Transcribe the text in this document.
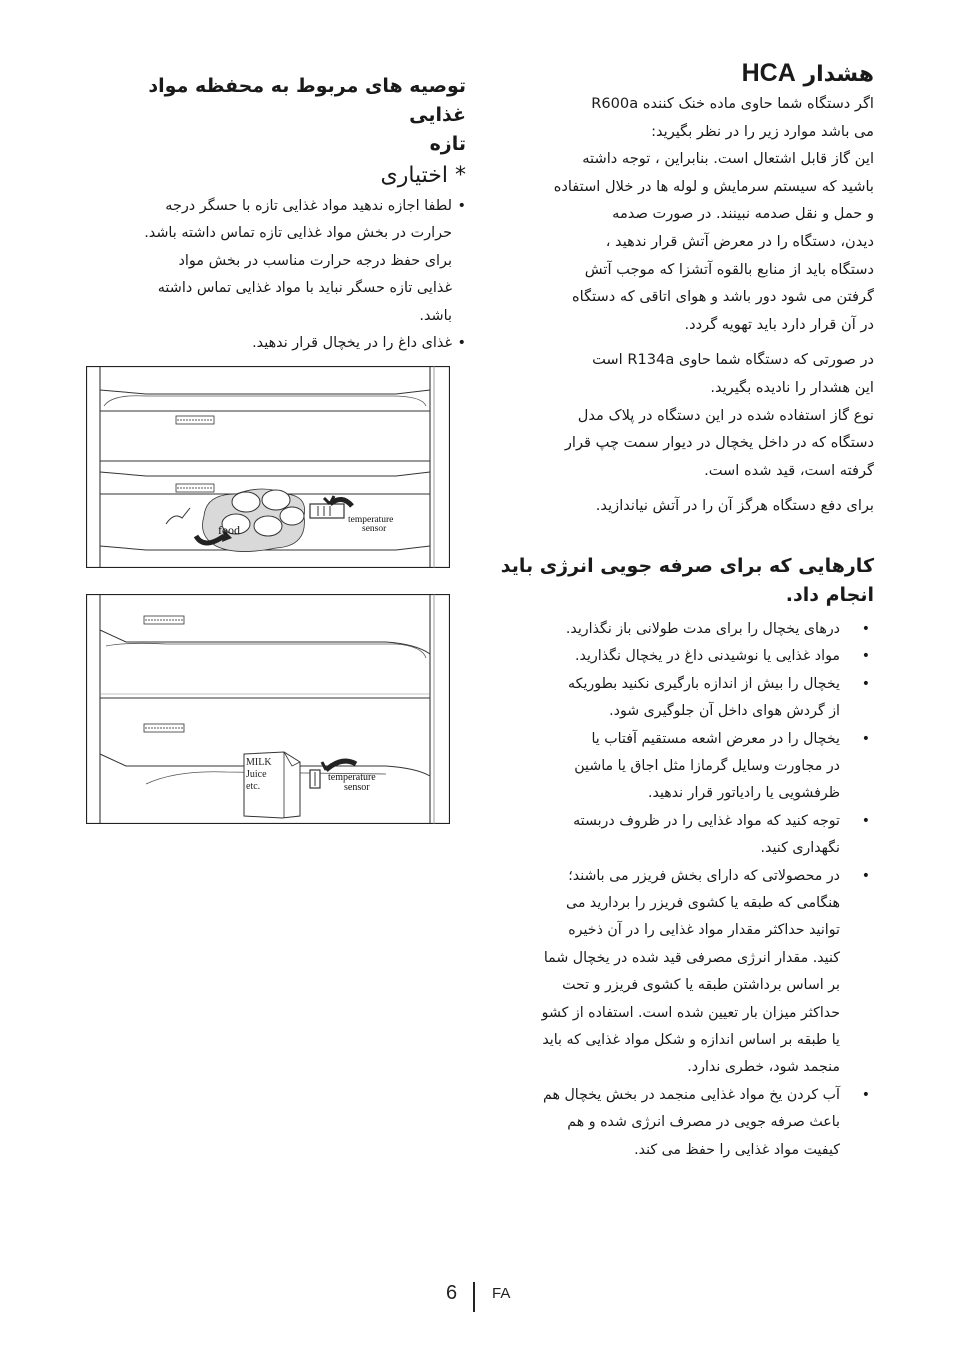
هشدار HCA

اگر دستگاه شما حاوی ماده خنک کننده R600a

می باشد موارد زیر را در نظر بگیرید:

این گاز قابل اشتعال است. بنابراین ، توجه داشته

باشید که سیستم سرمایش و لوله ها در خلال استفاده

و حمل و نقل صدمه نبینند. در صورت صدمه

دیدن، دستگاه را در معرض آتش قرار ندهید ،

دستگاه باید از منابع بالقوه آتشزا که موجب آتش

گرفتن می شود دور باشد و هوای اتاقی که دستگاه

در آن قرار دارد باید تهویه گردد.

در صورتی که دستگاه شما حاوی R134a است

این هشدار را نادیده بگیرید.

نوع گاز استفاده شده در این دستگاه در پلاک مدل

دستگاه که در داخل یخچال در دیوار سمت چپ قرار

گرفته است، قید شده است.

برای دفع دستگاه هرگز آن را در آتش نیاندازید.

کارهایی که برای صرفه جویی انرژی باید

انجام داد.

•
درهای یخچال را برای مدت طولانی باز نگذارید.
•
مواد غذایی یا نوشیدنی داغ در یخچال نگذارید.
•
یخچال را بیش از اندازه بارگیری نکنید بطوریکه
از گردش هوای داخل آن جلوگیری شود.
•
یخچال را در معرض اشعه مستقیم آفتاب یا
در مجاورت وسایل گرمازا مثل اجاق یا ماشین
ظرفشویی یا رادیاتور قرار ندهید.
•
توجه کنید که مواد غذایی را در ظروف دربسته
نگهداری کنید.
•
در محصولاتی که دارای بخش فریزر می باشند؛
هنگامی که طبقه یا کشوی فریزر را بردارید می
توانید حداکثر مقدار مواد غذایی را در آن ذخیره
کنید. مقدار انرژی مصرفی قید شده در یخچال شما
بر اساس برداشتن طبقه یا کشوی فریزر و تحت
حداکثر میزان بار تعیین شده است. استفاده از کشو
یا طبقه بر اساس اندازه و شکل مواد غذایی که باید
منجمد شود، خطری ندارد.
•
آب کردن یخ مواد غذایی منجمد در بخش یخچال هم
باعث صرفه جویی در مصرف انرژی شده و هم
کیفیت مواد غذایی را حفظ می کند.

توصیه های مربوط به محفظه مواد غذایی

تازه

* اختیاری

•
لطفا اجازه ندهید مواد غذایی تازه با حسگر درجه
حرارت در بخش مواد غذایی تازه تماس داشته باشد.
برای حفظ درجه حرارت مناسب در بخش مواد
غذایی تازه حسگر نباید با مواد غذایی تماس داشته
باشد.
•
غذای داغ را در یخچال قرار ندهید.
food
temperature
sensor
MILK
Juice
etc.
temperature
sensor
6 FA
